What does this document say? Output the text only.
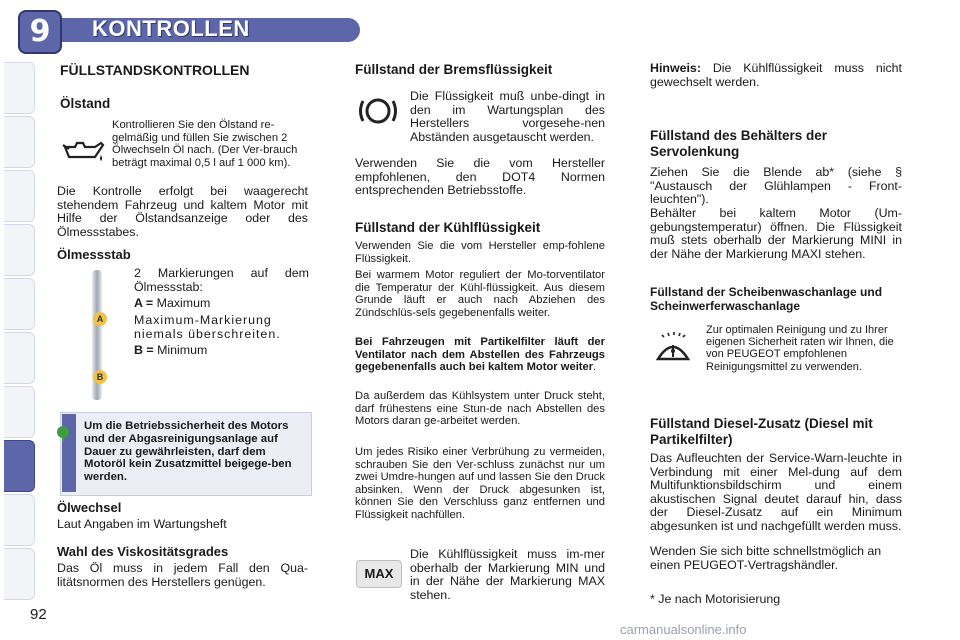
9	KONTROLLEN
FÜLLSTANDSKONTROLLEN
Ölstand
Kontrollieren Sie den Ölstand re-gelmäßig und füllen Sie zwischen 2 Ölwechseln Öl nach. (Der Ver-brauch beträgt maximal 0,5 l auf 1 000 km).
Die Kontrolle erfolgt bei waagerecht stehendem Fahrzeug und kaltem Motor mit Hilfe der Ölstandsanzeige oder des Ölmessstabes.
Ölmessstab
A
B
2 Markierungen auf dem Ölmessstab:
A = Maximum
Maximum-Markierung niemals überschreiten.
B = Minimum
Um die Betriebssicherheit des Motors und der Abgasreinigungsanlage auf Dauer zu gewährleisten, darf dem Motoröl kein Zusatzmittel beigege-ben werden.
Ölwechsel
Laut Angaben im Wartungsheft
Wahl des Viskositätsgrades
Das Öl muss in jedem Fall den Qua-litätsnormen des Herstellers genügen.
92
Füllstand der Bremsflüssigkeit
Die Flüssigkeit muß unbe-dingt in den im Wartungsplan des Herstellers vorgesehe-nen Abständen ausgetauscht werden.
Verwenden Sie die vom Hersteller empfohlenen, den DOT4 Normen entsprechenden Betriebsstoffe.
Füllstand der Kühlflüssigkeit
Verwenden Sie die vom Hersteller emp-fohlene Flüssigkeit.
Bei warmem Motor reguliert der Mo-torventilator die Temperatur der Kühl-flüssigkeit. Aus diesem Grunde läuft er auch nach Abziehen des Zündschlüs-sels gegebenenfalls weiter.
Bei Fahrzeugen mit Partikelfilter läuft der Ventilator nach dem Abstellen des Fahrzeugs gegebenenfalls auch bei kaltem Motor weiter.
Da außerdem das Kühlsystem unter Druck steht, darf frühestens eine Stun-de nach Abstellen des Motors daran ge-arbeitet werden.
Um jedes Risiko einer Verbrühung zu vermeiden, schrauben Sie den Ver-schluss zunächst nur um zwei Umdre-hungen auf und lassen Sie den Druck absinken. Wenn der Druck abgesunken ist, können Sie den Verschluss ganz entfernen und Flüssigkeit nachfüllen.
MAX
Die Kühlflüssigkeit muss im-mer oberhalb der Markierung MIN und in der Nähe der Markierung MAX stehen.
Hinweis: Die Kühlflüssigkeit muss nicht gewechselt werden.
Füllstand des Behälters der Servolenkung
Ziehen Sie die Blende ab* (siehe § "Austausch der Glühlampen - Front-leuchten").
Behälter bei kaltem Motor (Um-gebungstemperatur) öffnen. Die Flüssigkeit muß stets oberhalb der Markierung MINI in der Nähe der Markierung MAXI stehen.
Füllstand der Scheibenwaschanlage und Scheinwerferwaschanlage
Zur optimalen Reinigung und zu Ihrer eigenen Sicherheit raten wir Ihnen, die von PEUGEOT empfohlenen Reinigungsmittel zu verwenden.
Füllstand Diesel-Zusatz (Diesel mit Partikelfilter)
Das Aufleuchten der Service-Warn-leuchte in Verbindung mit einer Mel-dung auf dem Multifunktionsbildschirm und einem akustischen Signal deutet darauf hin, dass der Diesel-Zusatz auf ein Minimum abgesunken ist und nachgefüllt werden muss.
Wenden Sie sich bitte schnellstmöglich an einen PEUGEOT-Vertragshändler.
* Je nach Motorisierung
carmanualsonline.info
